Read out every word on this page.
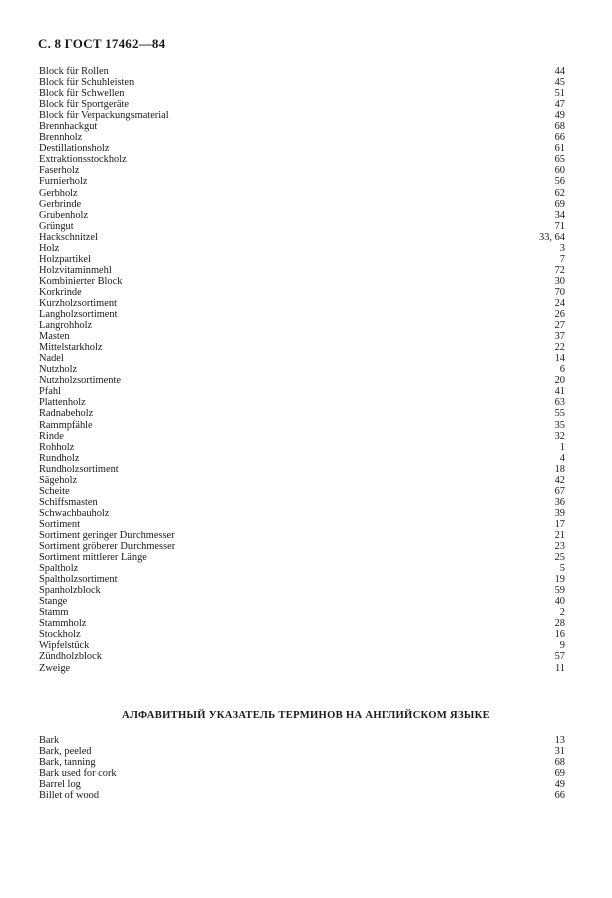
С. 8 ГОСТ 17462—84
Block für Rollen	44
Block für Schuhleisten	45
Block für Schwellen	51
Block für Sportgeräte	47
Block für Verpackungsmaterial	49
Brennhackgut	68
Brennholz	66
Destillationsholz	61
Extraktionsstockholz	65
Faserholz	60
Furnierholz	56
Gerbholz	62
Gerbrinde	69
Grubenholz	34
Grüngut	71
Hackschnitzel	33, 64
Holz	3
Holzpartikel	7
Holzvitaminmehl	72
Kombinierter Block	30
Korkrinde	70
Kurzholzsortiment	24
Langholzsortiment	26
Langrohholz	27
Masten	37
Mittelstarkholz	22
Nadel	14
Nutzholz	6
Nutzholzsortimente	20
Pfahl	41
Plattenholz	63
Radnabeholz	55
Rammpfähle	35
Rinde	32
Rohholz	1
Rundholz	4
Rundholzsortiment	18
Sägeholz	42
Scheite	67
Schiffsmasten	36
Schwachbauholz	39
Sortiment	17
Sortiment geringer Durchmesser	21
Sortiment gröberer Durchmesser	23
Sortiment mittlerer Länge	25
Spaltholz	5
Spaltholzsortiment	19
Spanholzblock	59
Stange	40
Stamm	2
Stammholz	28
Stockholz	16
Wipfelstück	9
Zündholzblock	57
Zweige	11
АЛФАВИТНЫЙ УКАЗАТЕЛЬ ТЕРМИНОВ НА АНГЛИЙСКОМ ЯЗЫКЕ
Bark	13
Bark, peeled	31
Bark, tanning	68
Bark used for cork	69
Barrel log	49
Billet of wood	66
